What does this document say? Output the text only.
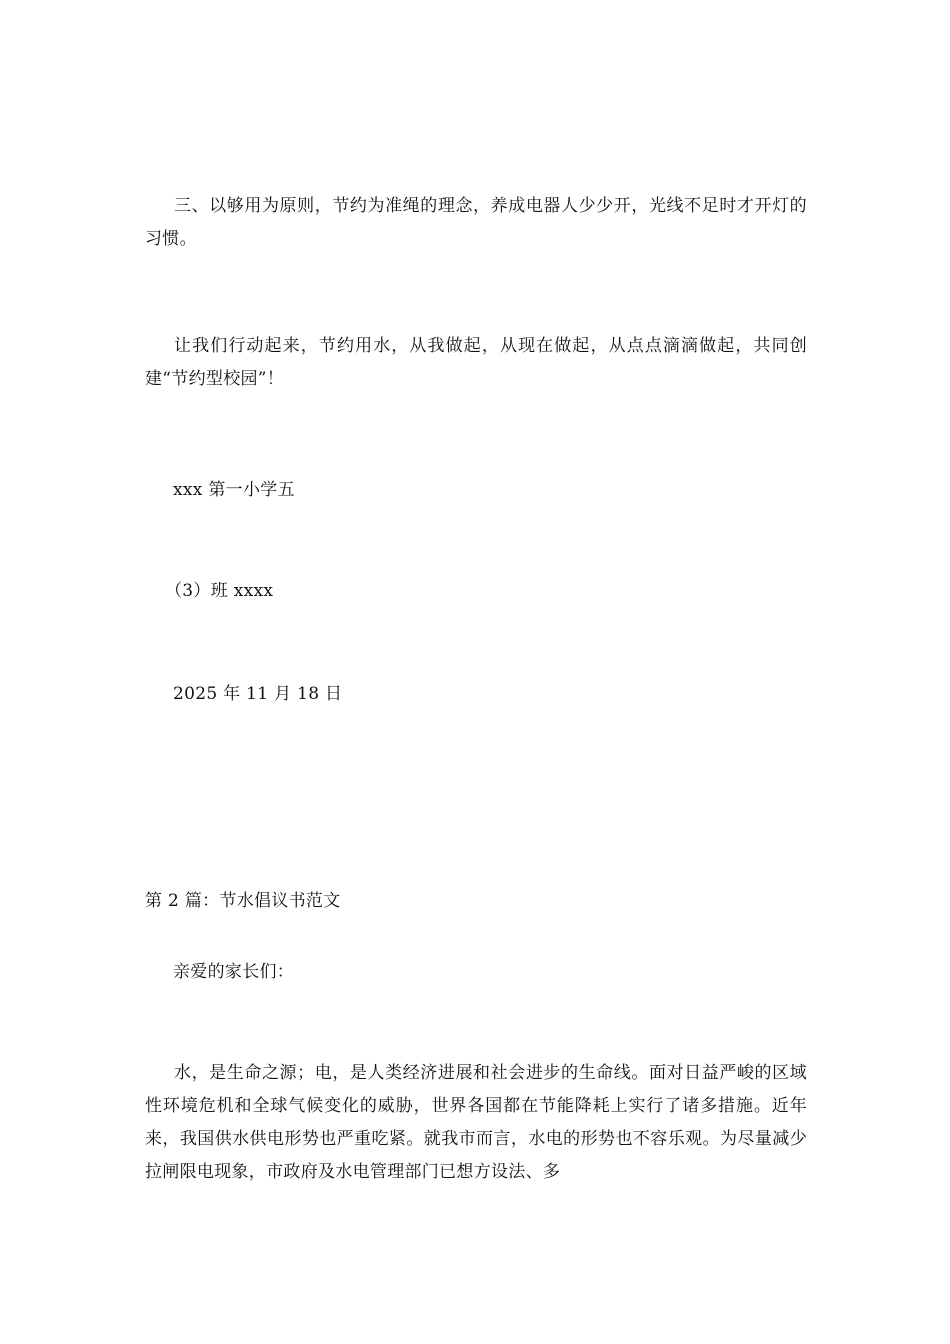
三、以够用为原则，节约为准绳的理念，养成电器人少少开，光线不足时才开灯的习惯。

让我们行动起来，节约用水，从我做起，从现在做起，从点点滴滴做起，共同创建“节约型校园”！

xxx 第一小学五
（3）班 xxxx
2025 年 11 月 18 日
第 2 篇：节水倡议书范文
亲爱的家长们：

水，是生命之源；电，是人类经济进展和社会进步的生命线。面对日益严峻的区域性环境危机和全球气候变化的威胁，世界各国都在节能降耗上实行了诸多措施。近年来，我国供水供电形势也严重吃紧。就我市而言，水电的形势也不容乐观。为尽量减少拉闸限电现象，市政府及水电管理部门已想方设法、多
